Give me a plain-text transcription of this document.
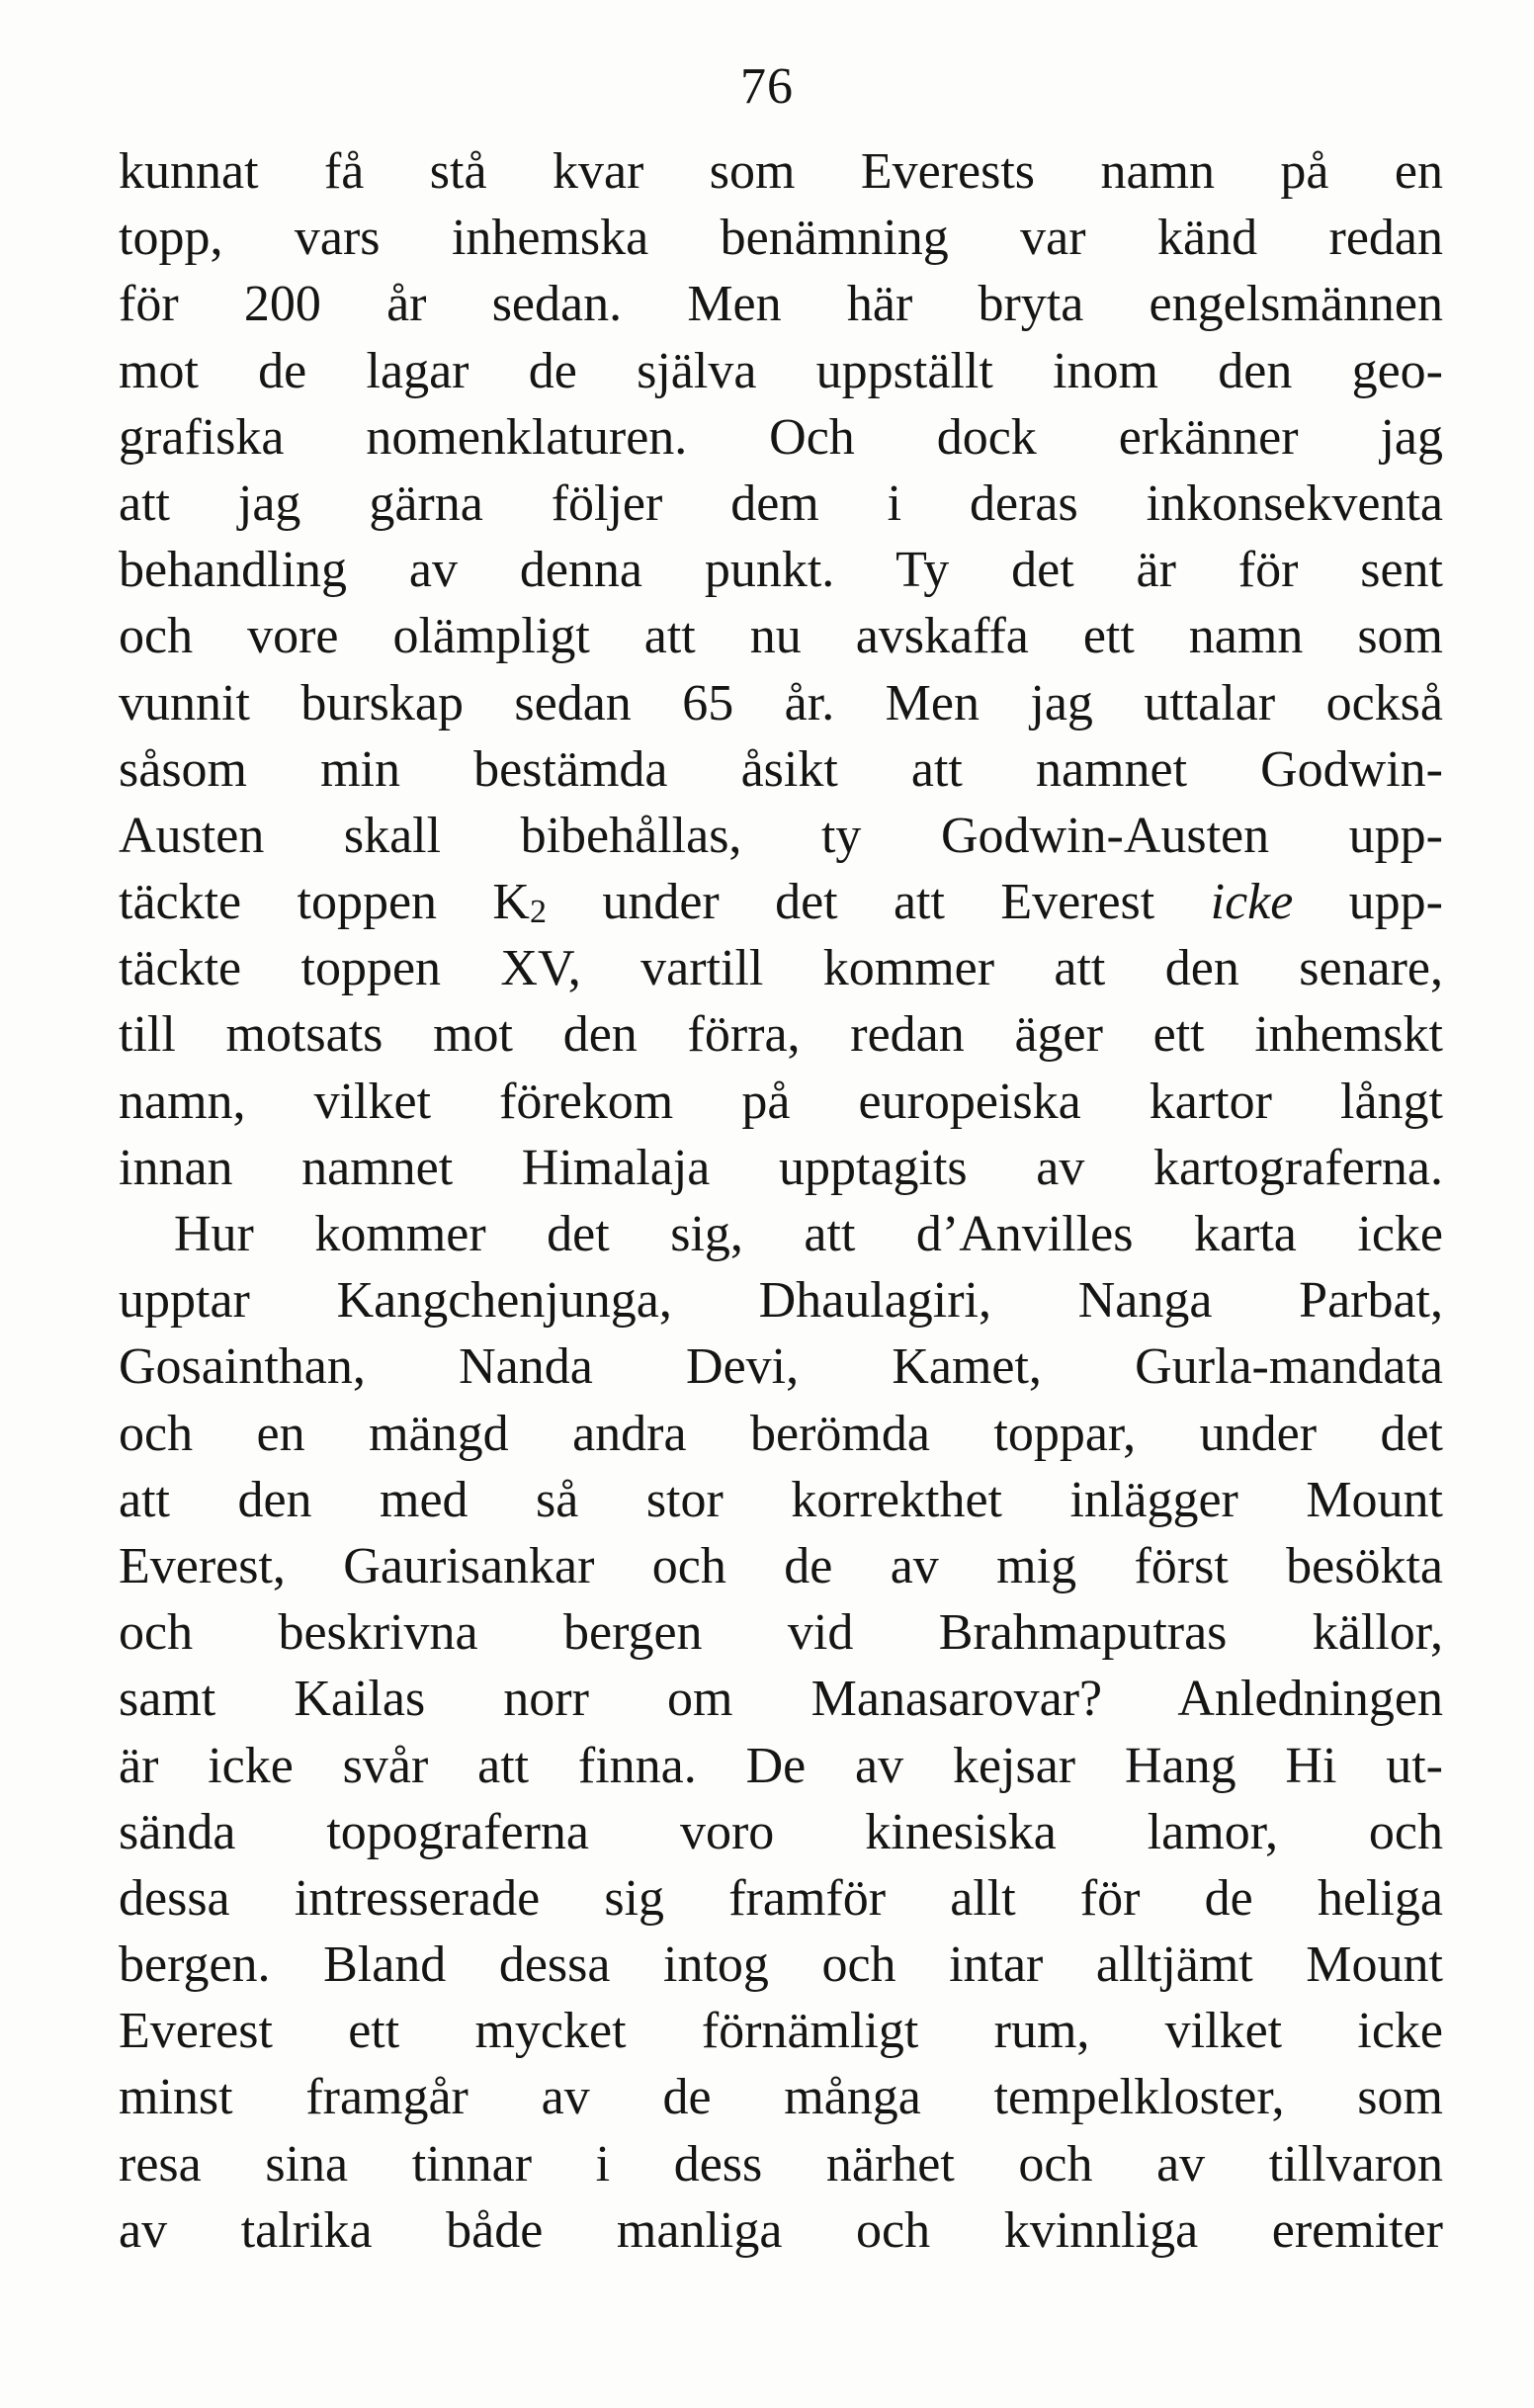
76
kunnat få stå kvar som Everests namn på en
topp, vars inhemska benämning var känd redan
för 200 år sedan. Men här bryta engelsmännen
mot de lagar de själva uppställt inom den geo-
grafiska nomenklaturen. Och dock erkänner jag
att jag gärna följer dem i deras inkonsekventa
behandling av denna punkt. Ty det är för sent
och vore olämpligt att nu avskaffa ett namn som
vunnit burskap sedan 65 år. Men jag uttalar också
såsom min bestämda åsikt att namnet Godwin-
Austen skall bibehållas, ty Godwin-Austen upp-
täckte toppen K2 under det att Everest icke upp-
täckte toppen XV, vartill kommer att den senare,
till motsats mot den förra, redan äger ett inhemskt
namn, vilket förekom på europeiska kartor långt
innan namnet Himalaja upptagits av kartograferna.
Hur kommer det sig, att d’Anvilles karta icke
upptar Kangchenjunga, Dhaulagiri, Nanga Parbat,
Gosainthan, Nanda Devi, Kamet, Gurla-mandata
och en mängd andra berömda toppar, under det
att den med så stor korrekthet inlägger Mount
Everest, Gaurisankar och de av mig först besökta
och beskrivna bergen vid Brahmaputras källor,
samt Kailas norr om Manasarovar? Anledningen
är icke svår att finna. De av kejsar Hang Hi ut-
sända topograferna voro kinesiska lamor, och
dessa intresserade sig framför allt för de heliga
bergen. Bland dessa intog och intar alltjämt Mount
Everest ett mycket förnämligt rum, vilket icke
minst framgår av de många tempelkloster, som
resa sina tinnar i dess närhet och av tillvaron
av talrika både manliga och kvinnliga eremiter
